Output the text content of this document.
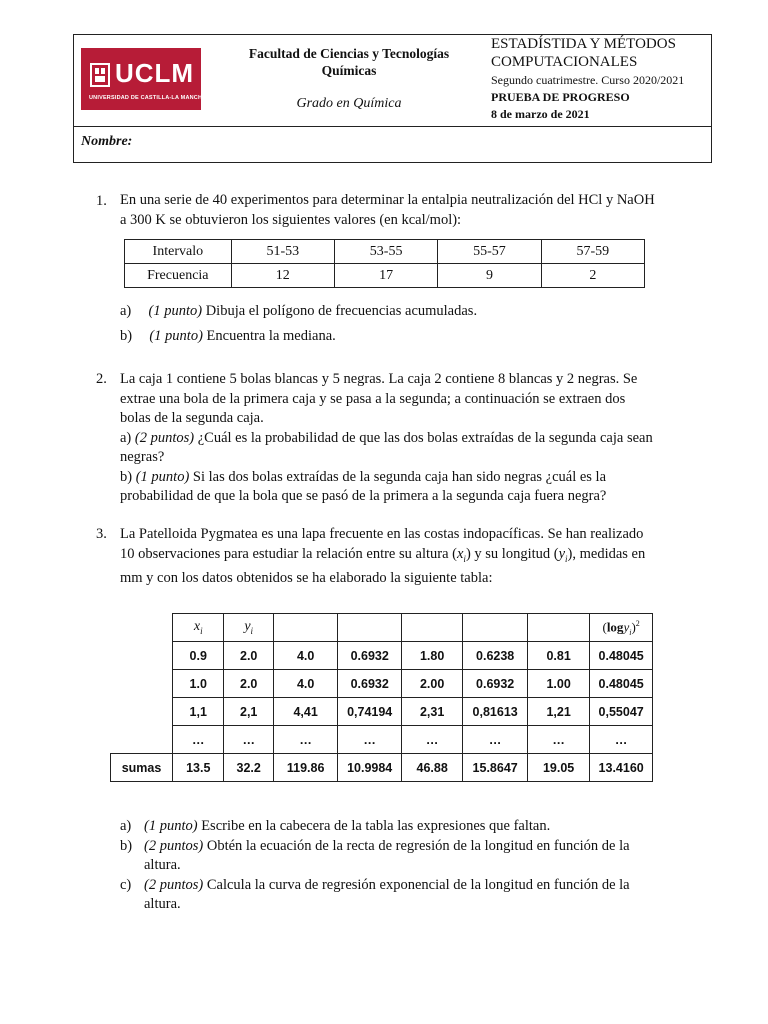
UCLM
UNIVERSIDAD DE CASTILLA-LA MANCHA
Facultad de Ciencias y Tecnologías Químicas
Grado en Química
ESTADÍSTIDA Y MÉTODOS
COMPUTACIONALES
Segundo cuatrimestre. Curso 2020/2021
PRUEBA DE PROGRESO
8 de marzo de 2021
Nombre:
1. En una serie de 40 experimentos para determinar la entalpia neutralización del HCl y NaOH
a 300 K se obtuvieron los siguientes valores (en kcal/mol):
Intervalo	51-53	53-55	55-57	57-59
Frecuencia	12	17	9	2
a) (1 punto) Dibuja el polígono de frecuencias acumuladas.
b) (1 punto) Encuentra la mediana.
2. La caja 1 contiene 5 bolas blancas y 5 negras. La caja 2 contiene 8 blancas y 2 negras. Se
extrae una bola de la primera caja y se pasa a la segunda; a continuación se extraen dos
bolas de la segunda caja.
a) (2 puntos) ¿Cuál es la probabilidad de que las dos bolas extraídas de la segunda caja sean
negras?
b) (1 punto) Si las dos bolas extraídas de la segunda caja han sido negras ¿cuál es la
probabilidad de que la bola que se pasó de la primera a la segunda caja fuera negra?
3. La Patelloida Pygmatea es una lapa frecuente en las costas indopacíficas. Se han realizado
10 observaciones para estudiar la relación entre su altura $(x_i)$ y su longitud $(y_i)$, medidas en
mm y con los datos obtenidos se ha elaborado la siguiente tabla:
	$x_i$	$y_i$						$(\log y_i)^2$
	0.9	2.0	4.0	0.6932	1.80	0.6238	0.81	0.48045
	1.0	2.0	4.0	0.6932	2.00	0.6932	1.00	0.48045
	1,1	2,1	4,41	0,74194	2,31	0,81613	1,21	0,55047
	…	…	…	…	…	…	…	…
sumas	13.5	32.2	119.86	10.9984	46.88	15.8647	19.05	13.4160
a) (1 punto) Escribe en la cabecera de la tabla las expresiones que faltan.
b) (2 puntos) Obtén la ecuación de la recta de regresión de la longitud en función de la
altura.
c) (2 puntos) Calcula la curva de regresión exponencial de la longitud en función de la
altura.
